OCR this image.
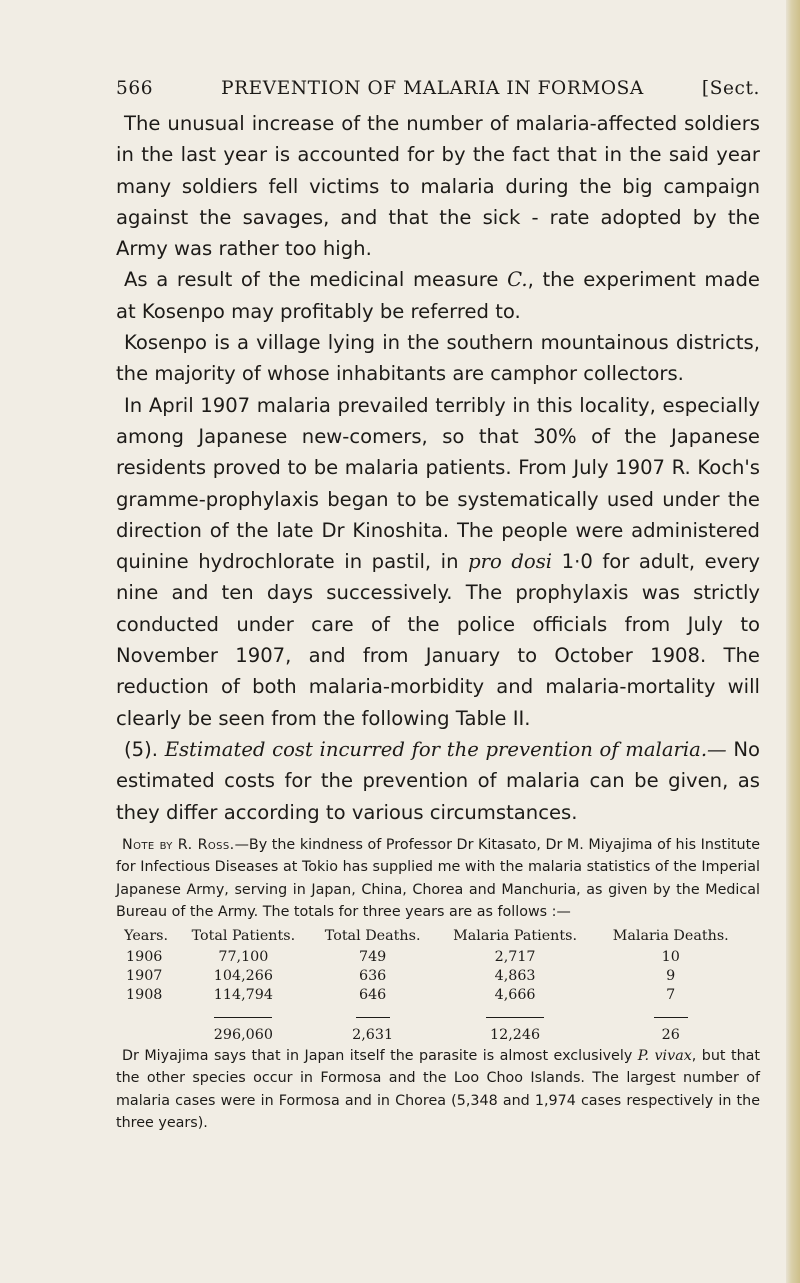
566	PREVENTION OF MALARIA IN FORMOSA	[Sect.

The unusual increase of the number of malaria-affected soldiers in the last year is accounted for by the fact that in the said year many soldiers fell victims to malaria during the big campaign against the savages, and that the sick - rate adopted by the Army was rather too high.

As a result of the medicinal measure C., the experiment made at Kosenpo may profitably be referred to.

Kosenpo is a village lying in the southern mountainous districts, the majority of whose inhabitants are camphor collectors.

In April 1907 malaria prevailed terribly in this locality, especially among Japanese new-comers, so that 30% of the Japanese residents proved to be malaria patients. From July 1907 R. Koch's gramme-prophylaxis began to be systematically used under the direction of the late Dr Kinoshita. The people were administered quinine hydrochlorate in pastil, in pro dosi 1·0 for adult, every nine and ten days successively. The prophylaxis was strictly conducted under care of the police officials from July to November 1907, and from January to October 1908. The reduction of both malaria-morbidity and malaria-mortality will clearly be seen from the following Table II.

(5). Estimated cost incurred for the prevention of malaria.— No estimated costs for the prevention of malaria can be given, as they differ according to various circumstances.

Note by R. Ross.—By the kindness of Professor Dr Kitasato, Dr M. Miyajima of his Institute for Infectious Diseases at Tokio has supplied me with the malaria statistics of the Imperial Japanese Army, serving in Japan, China, Chorea and Manchuria, as given by the Medical Bureau of the Army. The totals for three years are as follows :—

Years.	Total Patients.	Total Deaths.	Malaria Patients.	Malaria Deaths.
1906	77,100	749	2,717	10
1907	104,266	636	4,863	9
1908	114,794	646	4,666	7

	296,060	2,631	12,246	26

Dr Miyajima says that in Japan itself the parasite is almost exclusively P. vivax, but that the other species occur in Formosa and the Loo Choo Islands. The largest number of malaria cases were in Formosa and in Chorea (5,348 and 1,974 cases respectively in the three years).
